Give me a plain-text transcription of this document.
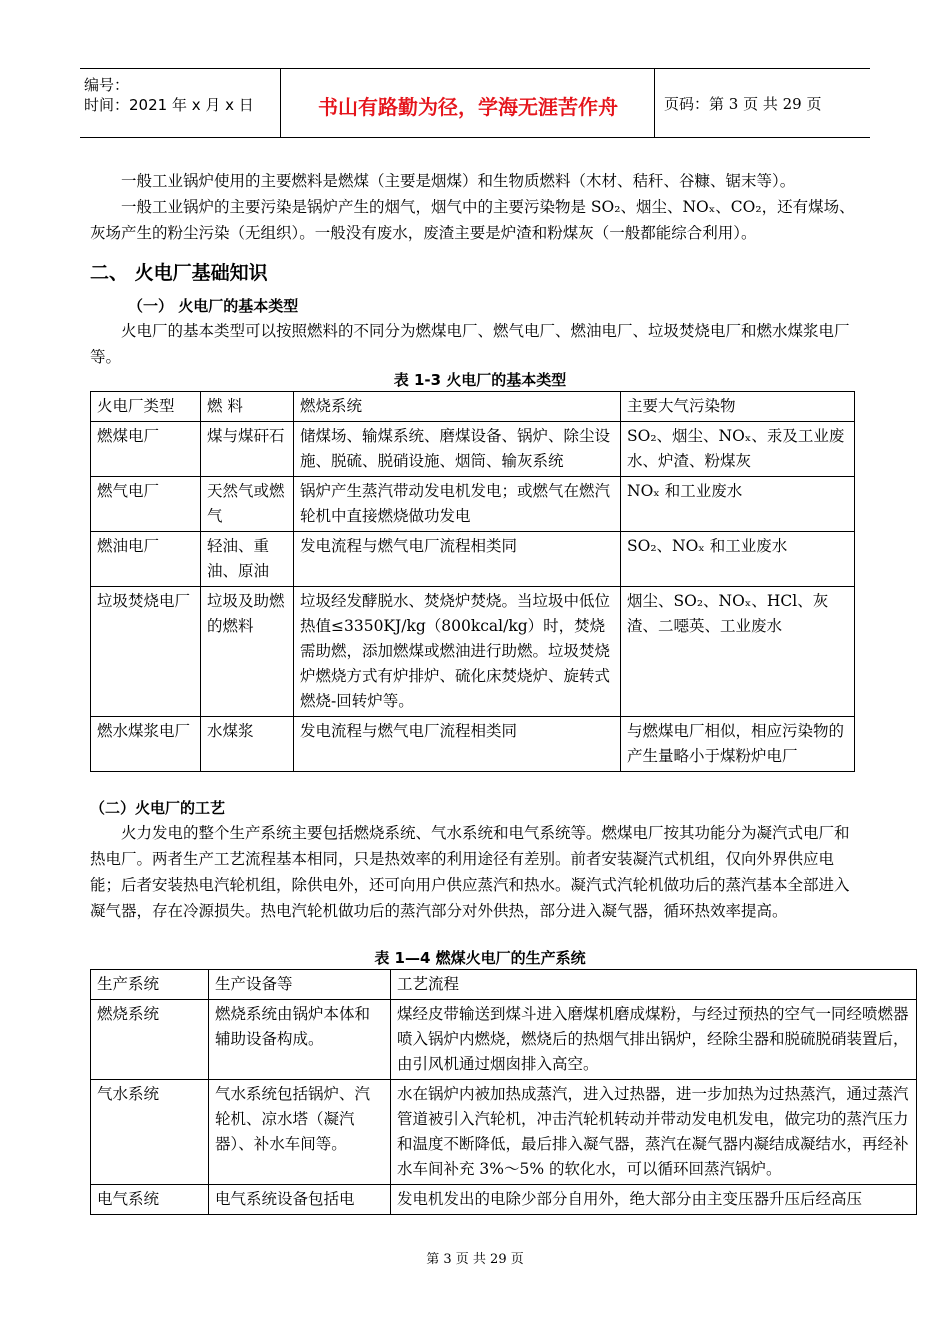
编号：
时间：2021 年 x 月 x 日	书山有路勤为径，学海无涯苦作舟	页码：第 3 页 共 29 页

一般工业锅炉使用的主要燃料是燃煤（主要是烟煤）和生物质燃料（木材、秸秆、谷糠、锯末等）。

一般工业锅炉的主要污染是锅炉产生的烟气，烟气中的主要污染物是 SO₂、烟尘、NOₓ、CO₂，还有煤场、灰场产生的粉尘污染（无组织）。一般没有废水，废渣主要是炉渣和粉煤灰（一般都能综合利用）。

二、 火电厂基础知识
（一） 火电厂的基本类型

火电厂的基本类型可以按照燃料的不同分为燃煤电厂、燃气电厂、燃油电厂、垃圾焚烧电厂和燃水煤浆电厂等。

表 1-3 火电厂的基本类型
火电厂类型	燃 料	燃烧系统	主要大气污染物
燃煤电厂	煤与煤矸石	储煤场、输煤系统、磨煤设备、锅炉、除尘设施、脱硫、脱硝设施、烟筒、输灰系统	SO₂、烟尘、NOₓ、汞及工业废水、炉渣、粉煤灰
燃气电厂	天然气或燃气	锅炉产生蒸汽带动发电机发电；或燃气在燃汽轮机中直接燃烧做功发电	NOₓ 和工业废水
燃油电厂	轻油、重油、原油	发电流程与燃气电厂流程相类同	SO₂、NOₓ 和工业废水
垃圾焚烧电厂	垃圾及助燃的燃料	垃圾经发酵脱水、焚烧炉焚烧。当垃圾中低位热值≤3350KJ/kg（800kcal/kg）时，焚烧需助燃，添加燃煤或燃油进行助燃。垃圾焚烧炉燃烧方式有炉排炉、硫化床焚烧炉、旋转式燃烧-回转炉等。	烟尘、SO₂、NOₓ、HCl、灰渣、二噁英、工业废水
燃水煤浆电厂	水煤浆	发电流程与燃气电厂流程相类同	与燃煤电厂相似，相应污染物的产生量略小于煤粉炉电厂
（二）火电厂的工艺

火力发电的整个生产系统主要包括燃烧系统、气水系统和电气系统等。燃煤电厂按其功能分为凝汽式电厂和热电厂。两者生产工艺流程基本相同，只是热效率的利用途径有差别。前者安装凝汽式机组，仅向外界供应电能；后者安装热电汽轮机组，除供电外，还可向用户供应蒸汽和热水。凝汽式汽轮机做功后的蒸汽基本全部进入凝气器，存在冷源损失。热电汽轮机做功后的蒸汽部分对外供热，部分进入凝气器，循环热效率提高。

表 1—4 燃煤火电厂的生产系统
生产系统	生产设备等	工艺流程
燃烧系统	燃烧系统由锅炉本体和辅助设备构成。	煤经皮带输送到煤斗进入磨煤机磨成煤粉，与经过预热的空气一同经喷燃器喷入锅炉内燃烧，燃烧后的热烟气排出锅炉，经除尘器和脱硫脱硝装置后，由引风机通过烟囱排入高空。
气水系统	气水系统包括锅炉、汽轮机、凉水塔（凝汽器）、补水车间等。	水在锅炉内被加热成蒸汽，进入过热器，进一步加热为过热蒸汽，通过蒸汽管道被引入汽轮机，冲击汽轮机转动并带动发电机发电，做完功的蒸汽压力和温度不断降低，最后排入凝气器，蒸汽在凝气器内凝结成凝结水，再经补水车间补充 3%～5% 的软化水，可以循环回蒸汽锅炉。
电气系统	电气系统设备包括电	发电机发出的电除少部分自用外，绝大部分由主变压器升压后经高压
第 3 页 共 29 页
